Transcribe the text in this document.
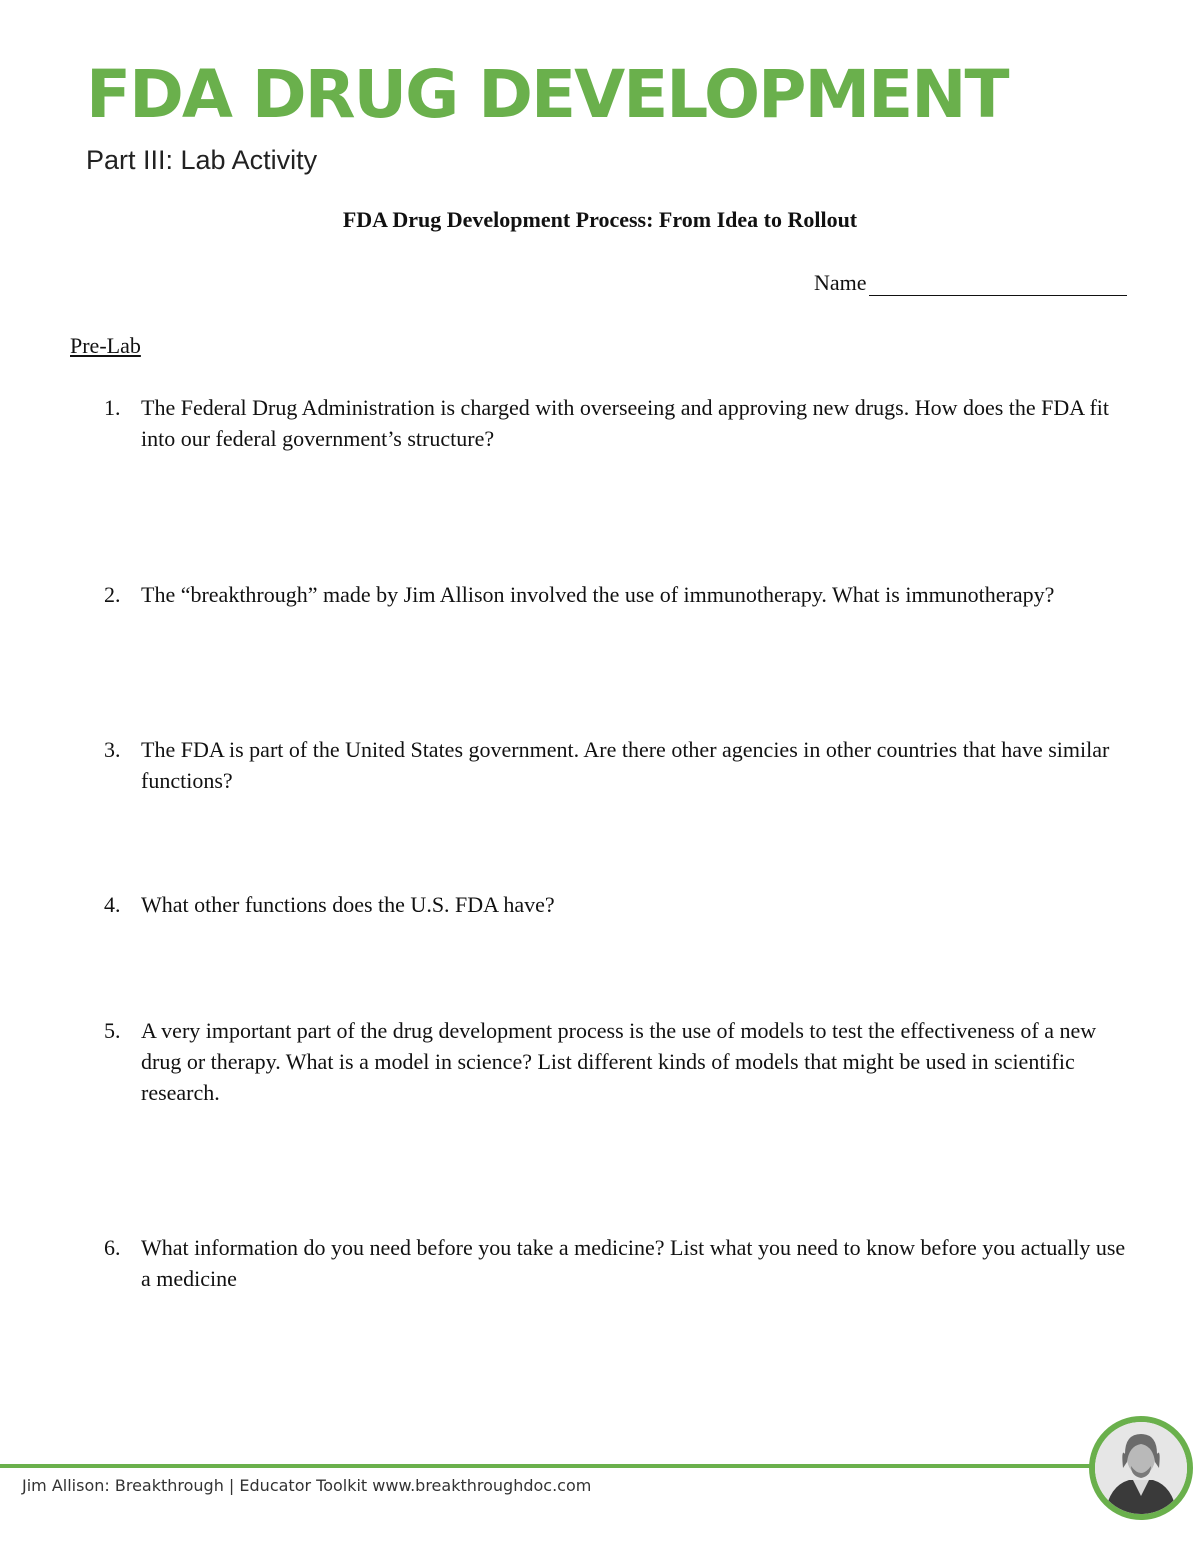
FDA DRUG DEVELOPMENT
Part III: Lab Activity
FDA Drug Development Process: From Idea to Rollout
Name
Pre-Lab
1. The Federal Drug Administration is charged with overseeing and approving new drugs. How does the FDA fit into our federal government’s structure?
2. The “breakthrough” made by Jim Allison involved the use of immunotherapy. What is immunotherapy?
3. The FDA is part of the United States government. Are there other agencies in other countries that have similar functions?
4. What other functions does the U.S. FDA have?
5. A very important part of the drug development process is the use of models to test the effectiveness of a new drug or therapy. What is a model in science? List different kinds of models that might be used in scientific research.
6. What information do you need before you take a medicine? List what you need to know before you actually use a medicine
Jim Allison: Breakthrough | Educator Toolkit www.breakthroughdoc.com
